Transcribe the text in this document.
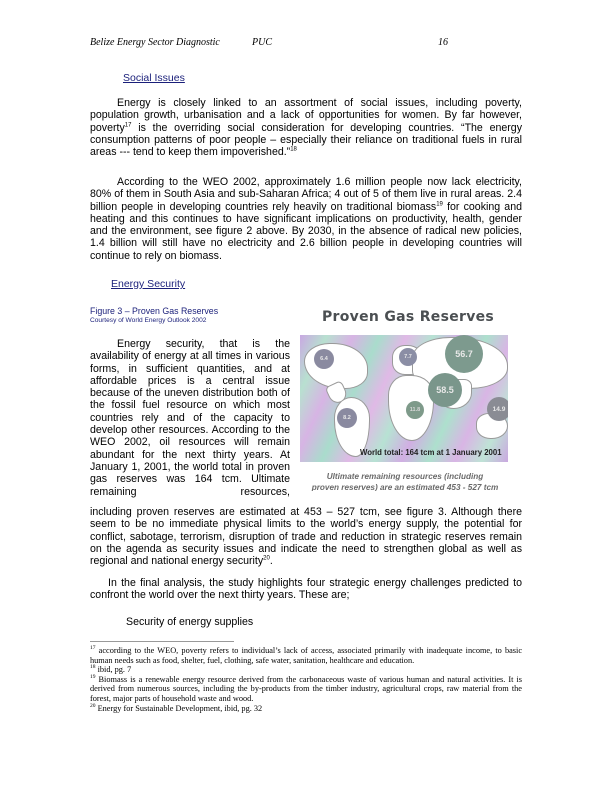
Belize Energy Sector Diagnostic	PUC	16
Social Issues
Energy is closely linked to an assortment of social issues, including poverty, population growth, urbanisation and a lack of opportunities for women. By far however, poverty$^{17}$ is the overriding social consideration for developing countries. “The energy consumption patterns of poor people – especially their reliance on traditional fuels in rural areas --- tend to keep them impoverished.”$^{18}$
According to the WEO 2002, approximately 1.6 million people now lack electricity, 80% of them in South Asia and sub-Saharan Africa; 4 out of 5 of them live in rural areas. 2.4 billion people in developing countries rely heavily on traditional biomass$^{19}$ for cooking and heating and this continues to have significant implications on productivity, health, gender and the environment, see figure 2 above. By 2030, in the absence of radical new policies, 1.4 billion will still have no electricity and 2.6 billion people in developing countries will continue to rely on biomass.
Energy Security
Figure 3 – Proven Gas Reserves
Courtesy of World Energy Outlook 2002
Energy security, that is the availability of energy at all times in various forms, in sufficient quantities, and at affordable prices is a central issue because of the uneven distribution both of the fossil fuel resource on which most countries rely and of the capacity to develop other resources. According to the WEO 2002, oil resources will remain abundant for the next thirty years. At January 1, 2001, the world total in proven gas reserves was 164 tcm. Ultimate remaining resources,
including proven reserves are estimated at 453 – 527 tcm, see figure 3. Although there seem to be no immediate physical limits to the world’s energy supply, the potential for conflict, sabotage, terrorism, disruption of trade and reduction in strategic reserves remain on the agenda as security issues and indicate the need to strengthen global as well as regional and national energy security$^{20}$.
In the final analysis, the study highlights four strategic energy challenges predicted to confront the world over the next thirty years. These are;
Security of energy supplies
Proven Gas Reserves
6.4	7.7	56.7
58.5
11.8	14.9
8.2
World total: 164 tcm at 1 January 2001
Ultimate remaining resources (including
proven reserves) are an estimated 453 - 527 tcm

$^{17}$ according to the WEO, poverty refers to individual’s lack of access, associated primarily with inadequate income, to basic human needs such as food, shelter, fuel, clothing, safe water, sanitation, healthcare and education.

$^{18}$ ibid, pg. 7

$^{19}$ Biomass is a renewable energy resource derived from the carbonaceous waste of various human and natural activities. It is derived from numerous sources, including the by-products from the timber industry, agricultural crops, raw material from the forest, major parts of household waste and wood.

$^{20}$ Energy for Sustainable Development, ibid, pg. 32
